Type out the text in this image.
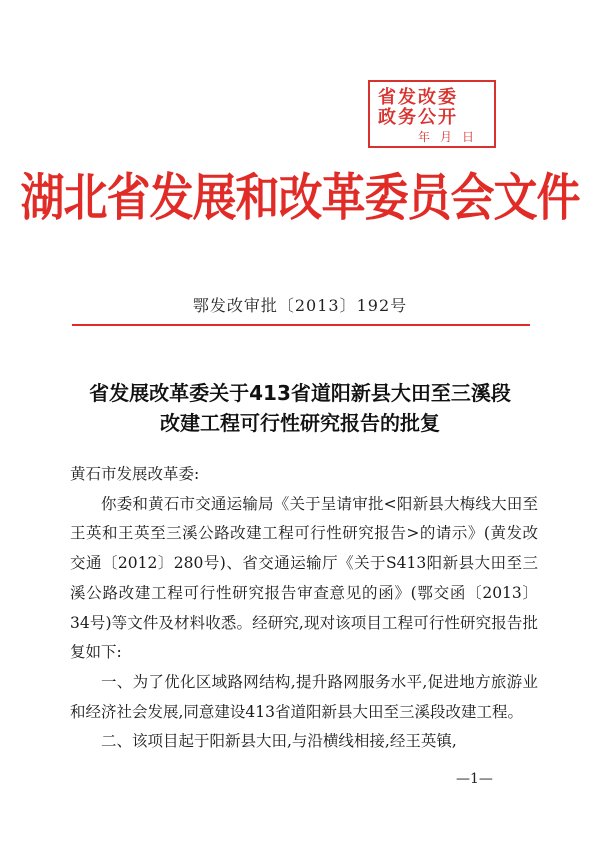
省发改委
政务公开
年月日
湖北省发展和改革委员会文件
鄂发改审批〔2013〕192号
省发展改革委关于413省道阳新县大田至三溪段
改建工程可行性研究报告的批复

黄石市发展改革委:

你委和黄石市交通运输局《关于呈请审批<阳新县大梅线大田至王英和王英至三溪公路改建工程可行性研究报告>的请示》(黄发改交通〔2012〕280号)、省交通运输厅《关于S413阳新县大田至三溪公路改建工程可行性研究报告审查意见的函》(鄂交函〔2013〕34号)等文件及材料收悉。经研究,现对该项目工程可行性研究报告批复如下:

一、为了优化区域路网结构,提升路网服务水平,促进地方旅游业和经济社会发展,同意建设413省道阳新县大田至三溪段改建工程。

二、该项目起于阳新县大田,与沿横线相接,经王英镇,

—1—
